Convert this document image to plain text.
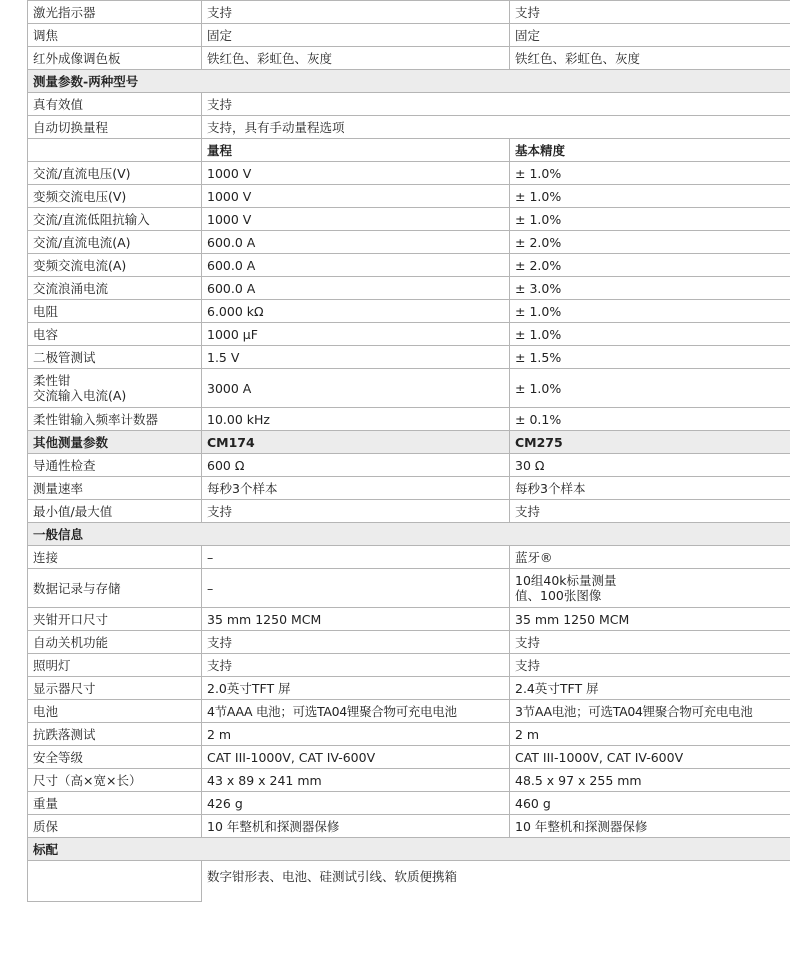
激光指示器	支持	支持
调焦	固定	固定
红外成像调色板	铁红色、彩虹色、灰度	铁红色、彩虹色、灰度
测量参数-两种型号		
真有效值	支持	
自动切换量程	支持，具有手动量程选项	
	量程	基本精度
交流/直流电压(V)	1000 V	± 1.0%
变频交流电压(V)	1000 V	± 1.0%
交流/直流低阻抗输入	1000 V	± 1.0%
交流/直流电流(A)	600.0 A	± 2.0%
变频交流电流(A)	600.0 A	± 2.0%
交流浪涌电流	600.0 A	± 3.0%
电阻	6.000 kΩ	± 1.0%
电容	1000 μF	± 1.0%
二极管测试	1.5 V	± 1.5%

柔性钳
交流输入电流(A)	3000 A	± 1.0%
柔性钳输入频率计数器	10.00 kHz	± 0.1%
其他测量参数	CM174	CM275
导通性检查	600 Ω	30 Ω
测量速率	每秒3个样本	每秒3个样本
最小值/最大值	支持	支持
一般信息		
连接	–	蓝牙®
数据记录与存储	–	10组40k标量测量
值、100张图像

夹钳开口尺寸	35 mm 1250 MCM	35 mm 1250 MCM
自动关机功能	支持	支持
照明灯	支持	支持
显示器尺寸	2.0英寸TFT 屏	2.4英寸TFT 屏
电池	4节AAA 电池；可选TA04锂聚合物可充电电池	3节AA电池；可选TA04锂聚合物可充电电池
抗跌落测试	2 m	2 m
安全等级	CAT III-1000V, CAT IV-600V	CAT III-1000V, CAT IV-600V
尺寸（高×宽×长）	43 x 89 x 241 mm	48.5 x 97 x 255 mm
重量	426 g	460 g
质保	10 年整机和探测器保修	10 年整机和探测器保修
标配		
	数字钳形表、电池、硅测试引线、软质便携箱	
